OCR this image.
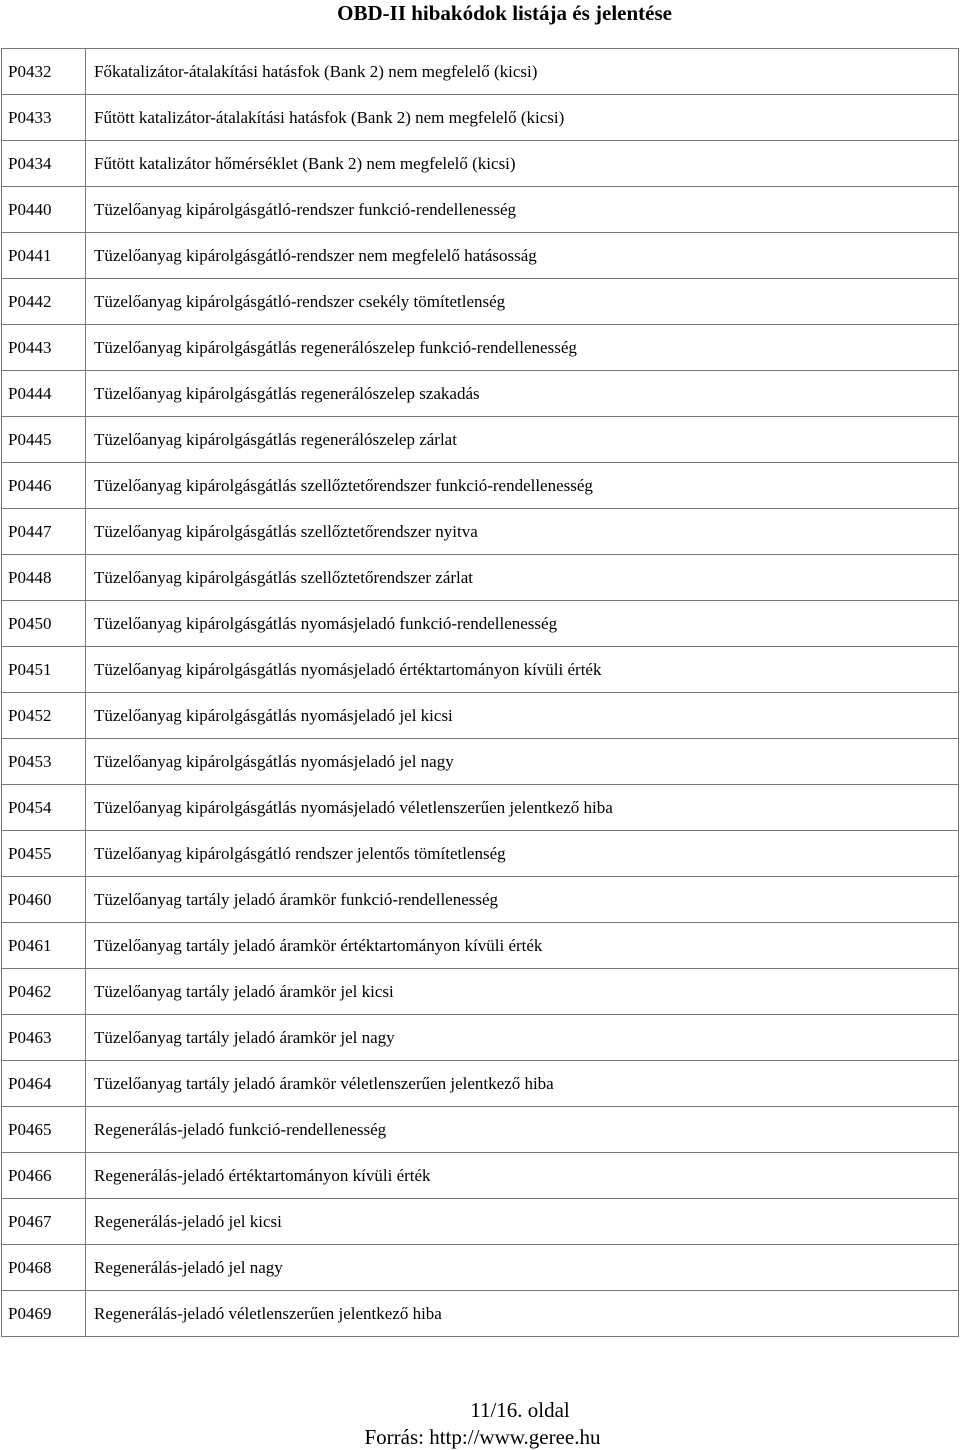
OBD-II hibakódok listája és jelentése
P0432	Főkatalizátor-átalakítási hatásfok (Bank 2) nem megfelelő (kicsi)
P0433	Fűtött katalizátor-átalakítási hatásfok (Bank 2) nem megfelelő (kicsi)
P0434	Fűtött katalizátor hőmérséklet (Bank 2) nem megfelelő (kicsi)
P0440	Tüzelőanyag kipárolgásgátló-rendszer funkció-rendellenesség
P0441	Tüzelőanyag kipárolgásgátló-rendszer nem megfelelő hatásosság
P0442	Tüzelőanyag kipárolgásgátló-rendszer csekély tömítetlenség
P0443	Tüzelőanyag kipárolgásgátlás regenerálószelep funkció-rendellenesség
P0444	Tüzelőanyag kipárolgásgátlás regenerálószelep szakadás
P0445	Tüzelőanyag kipárolgásgátlás regenerálószelep zárlat
P0446	Tüzelőanyag kipárolgásgátlás szellőztetőrendszer funkció-rendellenesség
P0447	Tüzelőanyag kipárolgásgátlás szellőztetőrendszer nyitva
P0448	Tüzelőanyag kipárolgásgátlás szellőztetőrendszer zárlat
P0450	Tüzelőanyag kipárolgásgátlás nyomásjeladó funkció-rendellenesség
P0451	Tüzelőanyag kipárolgásgátlás nyomásjeladó értéktartományon kívüli érték
P0452	Tüzelőanyag kipárolgásgátlás nyomásjeladó jel kicsi
P0453	Tüzelőanyag kipárolgásgátlás nyomásjeladó jel nagy
P0454	Tüzelőanyag kipárolgásgátlás nyomásjeladó véletlenszerűen jelentkező hiba
P0455	Tüzelőanyag kipárolgásgátló rendszer jelentős tömítetlenség
P0460	Tüzelőanyag tartály jeladó áramkör funkció-rendellenesség
P0461	Tüzelőanyag tartály jeladó áramkör értéktartományon kívüli érték
P0462	Tüzelőanyag tartály jeladó áramkör jel kicsi
P0463	Tüzelőanyag tartály jeladó áramkör jel nagy
P0464	Tüzelőanyag tartály jeladó áramkör véletlenszerűen jelentkező hiba
P0465	Regenerálás-jeladó funkció-rendellenesség
P0466	Regenerálás-jeladó értéktartományon kívüli érték
P0467	Regenerálás-jeladó jel kicsi
P0468	Regenerálás-jeladó jel nagy
P0469	Regenerálás-jeladó véletlenszerűen jelentkező hiba
11/16. oldal
Forrás: http://www.geree.hu
